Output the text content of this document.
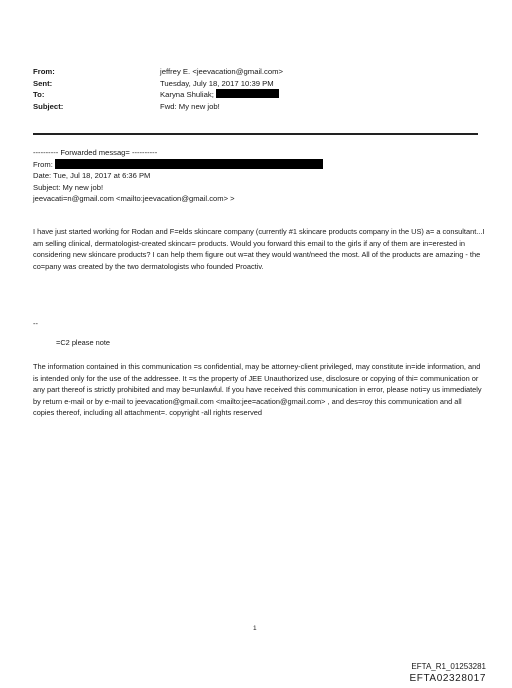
From:	jeffrey E. <jeevacation@gmail.com>
Sent:	Tuesday, July 18, 2017 10:39 PM
To:	Karyna Shuliak;
Subject:	Fwd: My new job!
---------- Forwarded messag= ----------
From:
Date: Tue, Jul 18, 2017 at 6:36 PM
Subject: My new job!
jeevacati=n@gmail.com <mailto:jeevacation@gmail.com> >
I have just started working for Rodan and F=elds skincare company (currently #1 skincare products company in the US) a= a consultant...I am selling clinical, dermatologist-created skincar= products. Would you forward this email to the girls if any of them are in=erested in considering new skincare products? I can help them figure out w=at they would want/need the most. All of the products are amazing - the co=pany was created by the two dermatologists who founded Proactiv.
--
=C2 please note
The information contained in this communication =s confidential, may be attorney-client privileged, may constitute in=ide information, and is intended only for the use of the addressee. It =s the property of JEE Unauthorized use, disclosure or copying of thi= communication or any part thereof is strictly prohibited and may be=unlawful. If you have received this communication in error, please noti=y us immediately by return e-mail or by e-mail to jeevacation@gmail.com <mailto:jee=acation@gmail.com> , and des=roy this communication and all copies thereof, including all attachment=. copyright -all rights reserved
1
EFTA_R1_01253281
EFTA02328017
